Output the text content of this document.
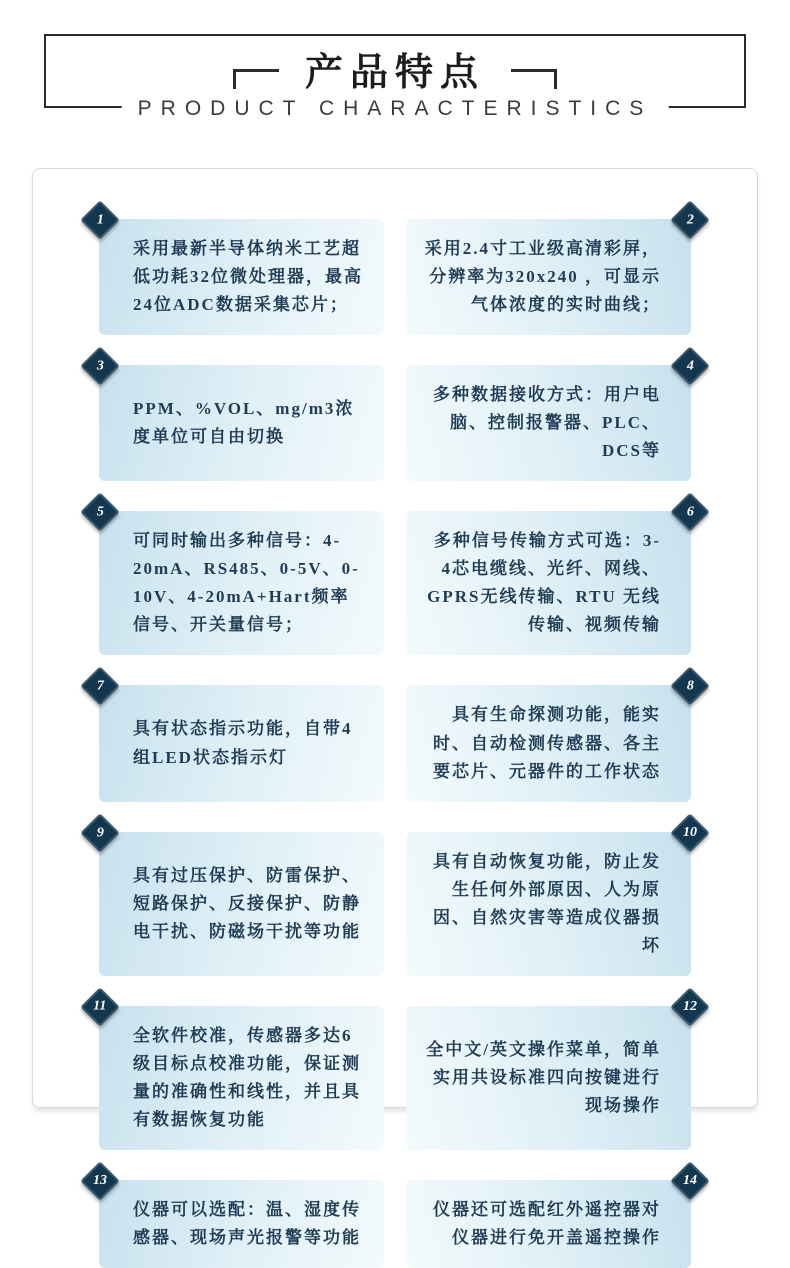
产品特点
PRODUCT CHARACTERISTICS
1

采用最新半导体纳米工艺超低功耗32位微处理器，最高24位ADC数据采集芯片；

2

采用2.4寸工业级高清彩屏，分辨率为320x240 ，可显示气体浓度的实时曲线；

3

PPM、%VOL、mg/m3浓度单位可自由切换

4

多种数据接收方式：用户电脑、控制报警器、PLC、DCS等

5

可同时输出多种信号：4-20mA、RS485、0-5V、0-10V、4-20mA+Hart频率信号、开关量信号；

6

多种信号传输方式可选：3-4芯电缆线、光纤、网线、GPRS无线传输、RTU 无线传输、视频传输

7

具有状态指示功能，自带4组LED状态指示灯

8

具有生命探测功能，能实时、自动检测传感器、各主要芯片、元器件的工作状态

9

具有过压保护、防雷保护、短路保护、反接保护、防静电干扰、防磁场干扰等功能

10

具有自动恢复功能，防止发生任何外部原因、人为原因、自然灾害等造成仪器损坏

11

全软件校准，传感器多达6级目标点校准功能，保证测量的准确性和线性，并且具有数据恢复功能

12

全中文/英文操作菜单，简单实用共设标准四向按键进行现场操作

13

仪器可以选配：温、湿度传感器、现场声光报警等功能

14

仪器还可选配红外遥控器对仪器进行免开盖遥控操作
